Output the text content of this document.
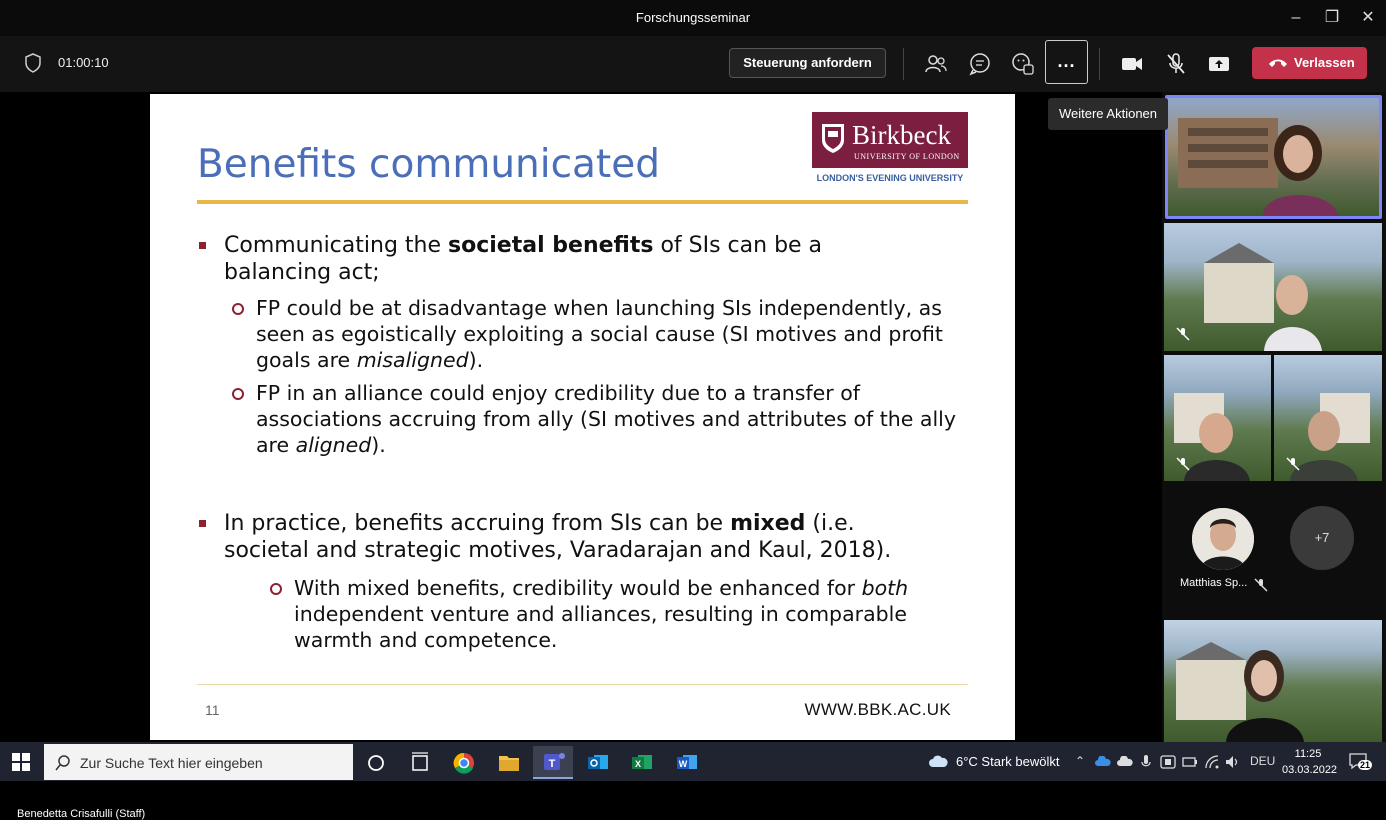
Forschungsseminar	–	❐	✕
01:00:10	Steuerung anfordern	...	Verlassen
Weitere Aktionen
Benefits communicated
Birkbeck
UNIVERSITY OF LONDON
LONDON'S EVENING UNIVERSITY
Communicating the societal benefits of SIs can be a balancing act;
FP could be at disadvantage when launching SIs independently, as seen as egoistically exploiting a social cause (SI motives and profit goals are misaligned).
FP in an alliance could enjoy credibility due to a transfer of associations accruing from ally (SI motives and attributes of the ally are aligned).
In practice, benefits accruing from SIs can be mixed (i.e. societal and strategic motives, Varadarajan and Kaul, 2018).
With mixed benefits, credibility would be enhanced for both independent venture and alliances, resulting in comparable warmth and competence.
11	WWW.BBK.AC.UK
Benedetta Crisafulli (Staff)
Matthias Sp...
+7
Zur Suche Text hier eingeben	T	X	W	6°C Stark bewölkt ⌃	DEU	11:25
03.03.2022	21
